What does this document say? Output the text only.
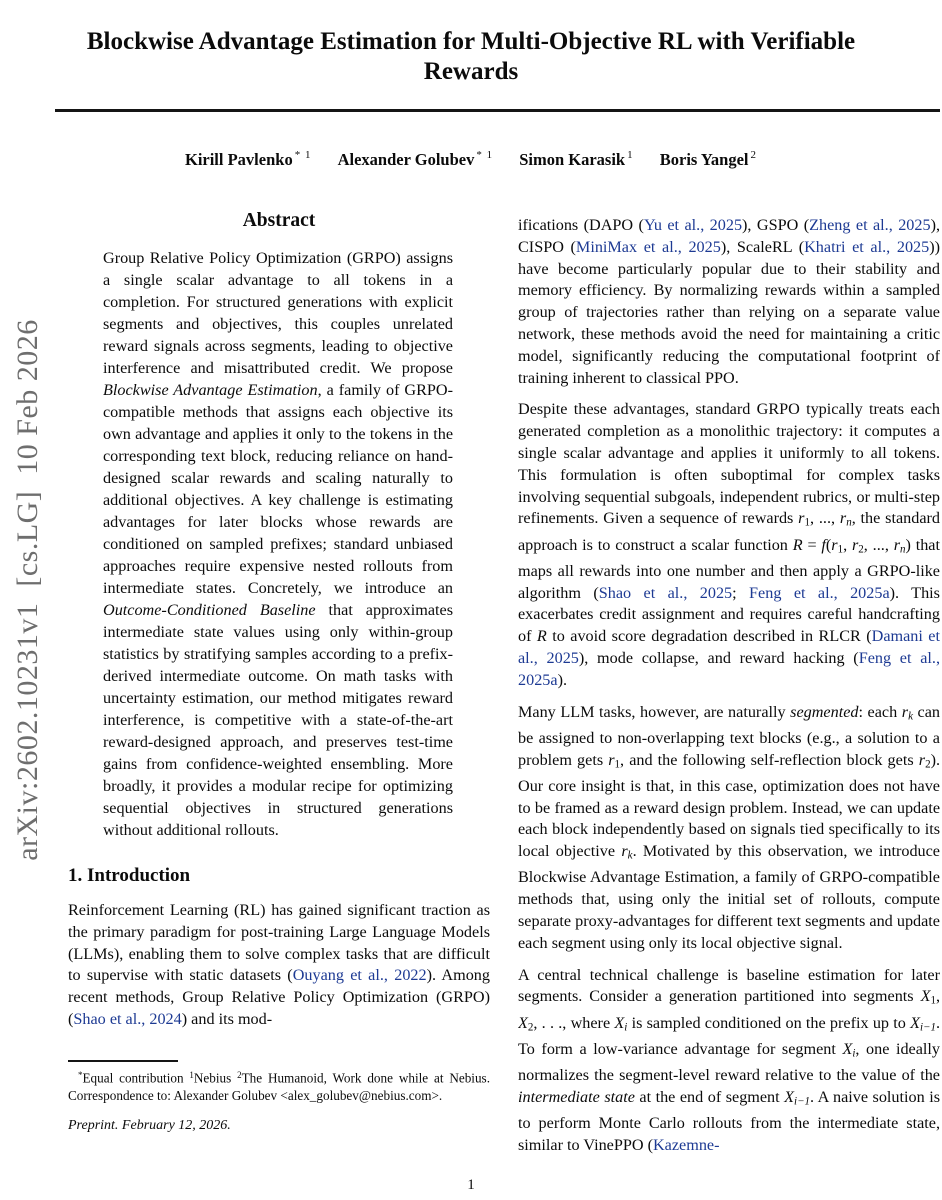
arXiv:2602.10231v1  [cs.LG]  10 Feb 2026
Blockwise Advantage Estimation for Multi-Objective RL with Verifiable Rewards
Kirill Pavlenko $^{* 1}$ Alexander Golubev $^{* 1}$ Simon Karasik $^1$ Boris Yangel $^2$
Abstract
Group Relative Policy Optimization (GRPO) assigns a single scalar advantage to all tokens in a completion. For structured generations with explicit segments and objectives, this couples unrelated reward signals across segments, leading to objective interference and misattributed credit. We propose Blockwise Advantage Estimation, a family of GRPO-compatible methods that assigns each objective its own advantage and applies it only to the tokens in the corresponding text block, reducing reliance on hand-designed scalar rewards and scaling naturally to additional objectives. A key challenge is estimating advantages for later blocks whose rewards are conditioned on sampled prefixes; standard unbiased approaches require expensive nested rollouts from intermediate states. Concretely, we introduce an Outcome-Conditioned Baseline that approximates intermediate state values using only within-group statistics by stratifying samples according to a prefix-derived intermediate outcome. On math tasks with uncertainty estimation, our method mitigates reward interference, is competitive with a state-of-the-art reward-designed approach, and preserves test-time gains from confidence-weighted ensembling. More broadly, it provides a modular recipe for optimizing sequential objectives in structured generations without additional rollouts.
1. Introduction
Reinforcement Learning (RL) has gained significant traction as the primary paradigm for post-training Large Language Models (LLMs), enabling them to solve complex tasks that are difficult to supervise with static datasets (Ouyang et al., 2022). Among recent methods, Group Relative Policy Optimization (GRPO) (Shao et al., 2024) and its mod-
*Equal contribution $^1$Nebius $^2$The Humanoid, Work done while at Nebius. Correspondence to: Alexander Golubev <alex_golubev@nebius.com>.
Preprint. February 12, 2026.
ifications (DAPO (Yu et al., 2025), GSPO (Zheng et al., 2025), CISPO (MiniMax et al., 2025), ScaleRL (Khatri et al., 2025)) have become particularly popular due to their stability and memory efficiency. By normalizing rewards within a sampled group of trajectories rather than relying on a separate value network, these methods avoid the need for maintaining a critic model, significantly reducing the computational footprint of training inherent to classical PPO.
Despite these advantages, standard GRPO typically treats each generated completion as a monolithic trajectory: it computes a single scalar advantage and applies it uniformly to all tokens. This formulation is often suboptimal for complex tasks involving sequential subgoals, independent rubrics, or multi-step refinements. Given a sequence of rewards $r_1$, ..., $r_n$, the standard approach is to construct a scalar function $R = f(r_1$, $r_2$, ..., $r_n$) that maps all rewards into one number and then apply a GRPO-like algorithm (Shao et al., 2025; Feng et al., 2025a). This exacerbates credit assignment and requires careful handcrafting of R to avoid score degradation described in RLCR (Damani et al., 2025), mode collapse, and reward hacking (Feng et al., 2025a).
Many LLM tasks, however, are naturally segmented: each $r_k$ can be assigned to non-overlapping text blocks (e.g., a solution to a problem gets $r_1$, and the following self-reflection block gets $r_2$). Our core insight is that, in this case, optimization does not have to be framed as a reward design problem. Instead, we can update each block independently based on signals tied specifically to its local objective $r_k$. Motivated by this observation, we introduce Blockwise Advantage Estimation, a family of GRPO-compatible methods that, using only the initial set of rollouts, compute separate proxy-advantages for different text segments and update each segment using only its local objective signal.
A central technical challenge is baseline estimation for later segments. Consider a generation partitioned into segments $X_1$, $X_2$, . . ., where $X_i$ is sampled conditioned on the prefix up to $X_{i-1}$. To form a low-variance advantage for segment $X_i$, one ideally normalizes the segment-level reward relative to the value of the intermediate state at the end of segment $X_{i-1}$. A naive solution is to perform Monte Carlo rollouts from the intermediate state, similar to VinePPO (Kazemne-
1
